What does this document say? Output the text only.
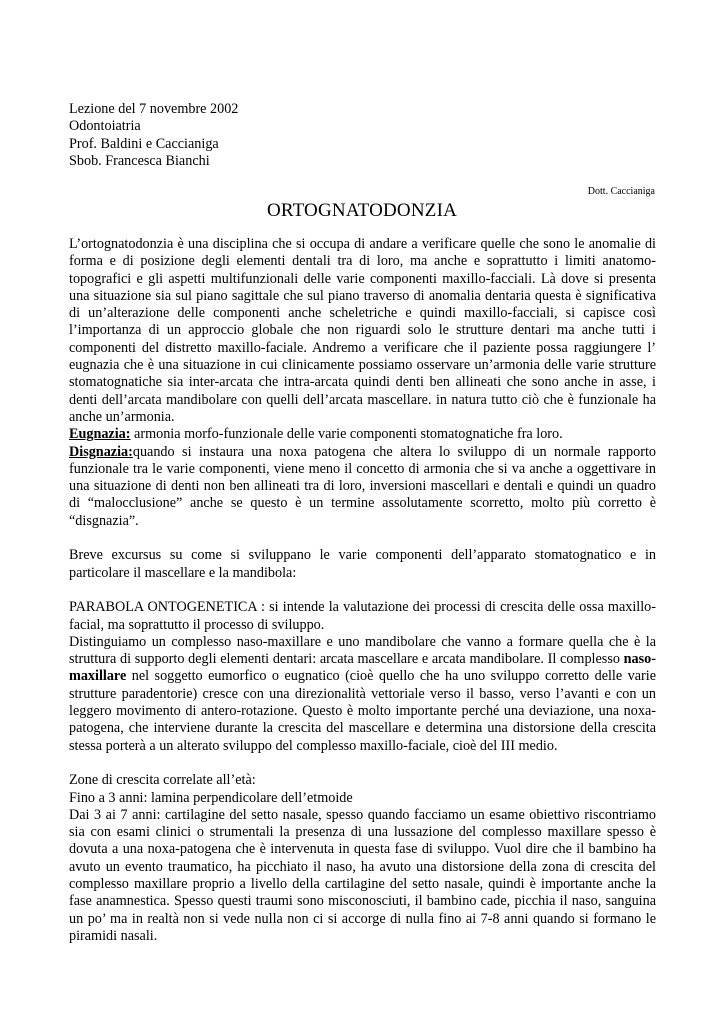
Lezione del 7 novembre 2002
Odontoiatria
Prof. Baldini e Caccianiga
Sbob. Francesca Bianchi
Dott. Caccianiga
ORTOGNATODONZIA

L’ortognatodonzia è una disciplina che si occupa di andare a verificare quelle che sono le anomalie di forma e di posizione degli elementi dentali tra di loro, ma anche e soprattutto i limiti anatomo-topografici e gli aspetti multifunzionali delle varie componenti maxillo-facciali. Là dove si presenta una situazione sia sul piano sagittale che sul piano traverso di anomalia dentaria questa è significativa di un’alterazione delle componenti anche scheletriche e quindi maxillo-facciali, si capisce così l’importanza di un approccio globale che non riguardi solo le strutture dentari ma anche tutti i componenti del distretto maxillo-faciale. Andremo a verificare che il paziente possa raggiungere l’ eugnazia che è una situazione in cui clinicamente possiamo osservare un’armonia delle varie strutture stomatognatiche sia inter-arcata che intra-arcata quindi denti ben allineati che sono anche in asse, i denti dell’arcata mandibolare con quelli dell’arcata mascellare. in natura tutto ciò che è funzionale ha anche un’armonia.

Eugnazia: armonia morfo-funzionale delle varie componenti stomatognatiche fra loro.

Disgnazia:quando si instaura una noxa patogena che altera lo sviluppo di un normale rapporto funzionale tra le varie componenti, viene meno il concetto di armonia che si va anche a oggettivare in una situazione di denti non ben allineati tra di loro, inversioni mascellari e dentali e quindi un quadro di “malocclusione” anche se questo è un termine assolutamente scorretto, molto più corretto è “disgnazia”.

Breve excursus su come si sviluppano le varie componenti dell’apparato stomatognatico e in particolare il mascellare e la mandibola:

PARABOLA ONTOGENETICA : si intende la valutazione dei processi di crescita delle ossa maxillo-facial, ma soprattutto il processo di sviluppo.

Distinguiamo un complesso naso-maxillare e uno mandibolare che vanno a formare quella che è la struttura di supporto degli elementi dentari: arcata mascellare e arcata mandibolare. Il complesso naso-maxillare nel soggetto eumorfico o eugnatico (cioè quello che ha uno sviluppo corretto delle varie strutture paradentorie) cresce con una direzionalità vettoriale verso il basso, verso l’avanti e con un leggero movimento di antero-rotazione. Questo è molto importante perché una deviazione, una noxa-patogena, che interviene durante la crescita del mascellare e determina una distorsione della crescita stessa porterà a un alterato sviluppo del complesso maxillo-faciale, cioè del III medio.

Zone di crescita correlate all’età:

Fino a 3 anni: lamina perpendicolare dell’etmoide

Dai 3 ai 7 anni: cartilagine del setto nasale, spesso quando facciamo un esame obiettivo riscontriamo sia con esami clinici o strumentali la presenza di una lussazione del complesso maxillare spesso è dovuta a una noxa-patogena che è intervenuta in questa fase di sviluppo. Vuol dire che il bambino ha avuto un evento traumatico, ha picchiato il naso, ha avuto una distorsione della zona di crescita del complesso maxillare proprio a livello della cartilagine del setto nasale, quindi è importante anche la fase anamnestica. Spesso questi traumi sono misconosciuti, il bambino cade, picchia il naso, sanguina un po’ ma in realtà non si vede nulla non ci si accorge di nulla fino ai 7-8 anni quando si formano le piramidi nasali.
